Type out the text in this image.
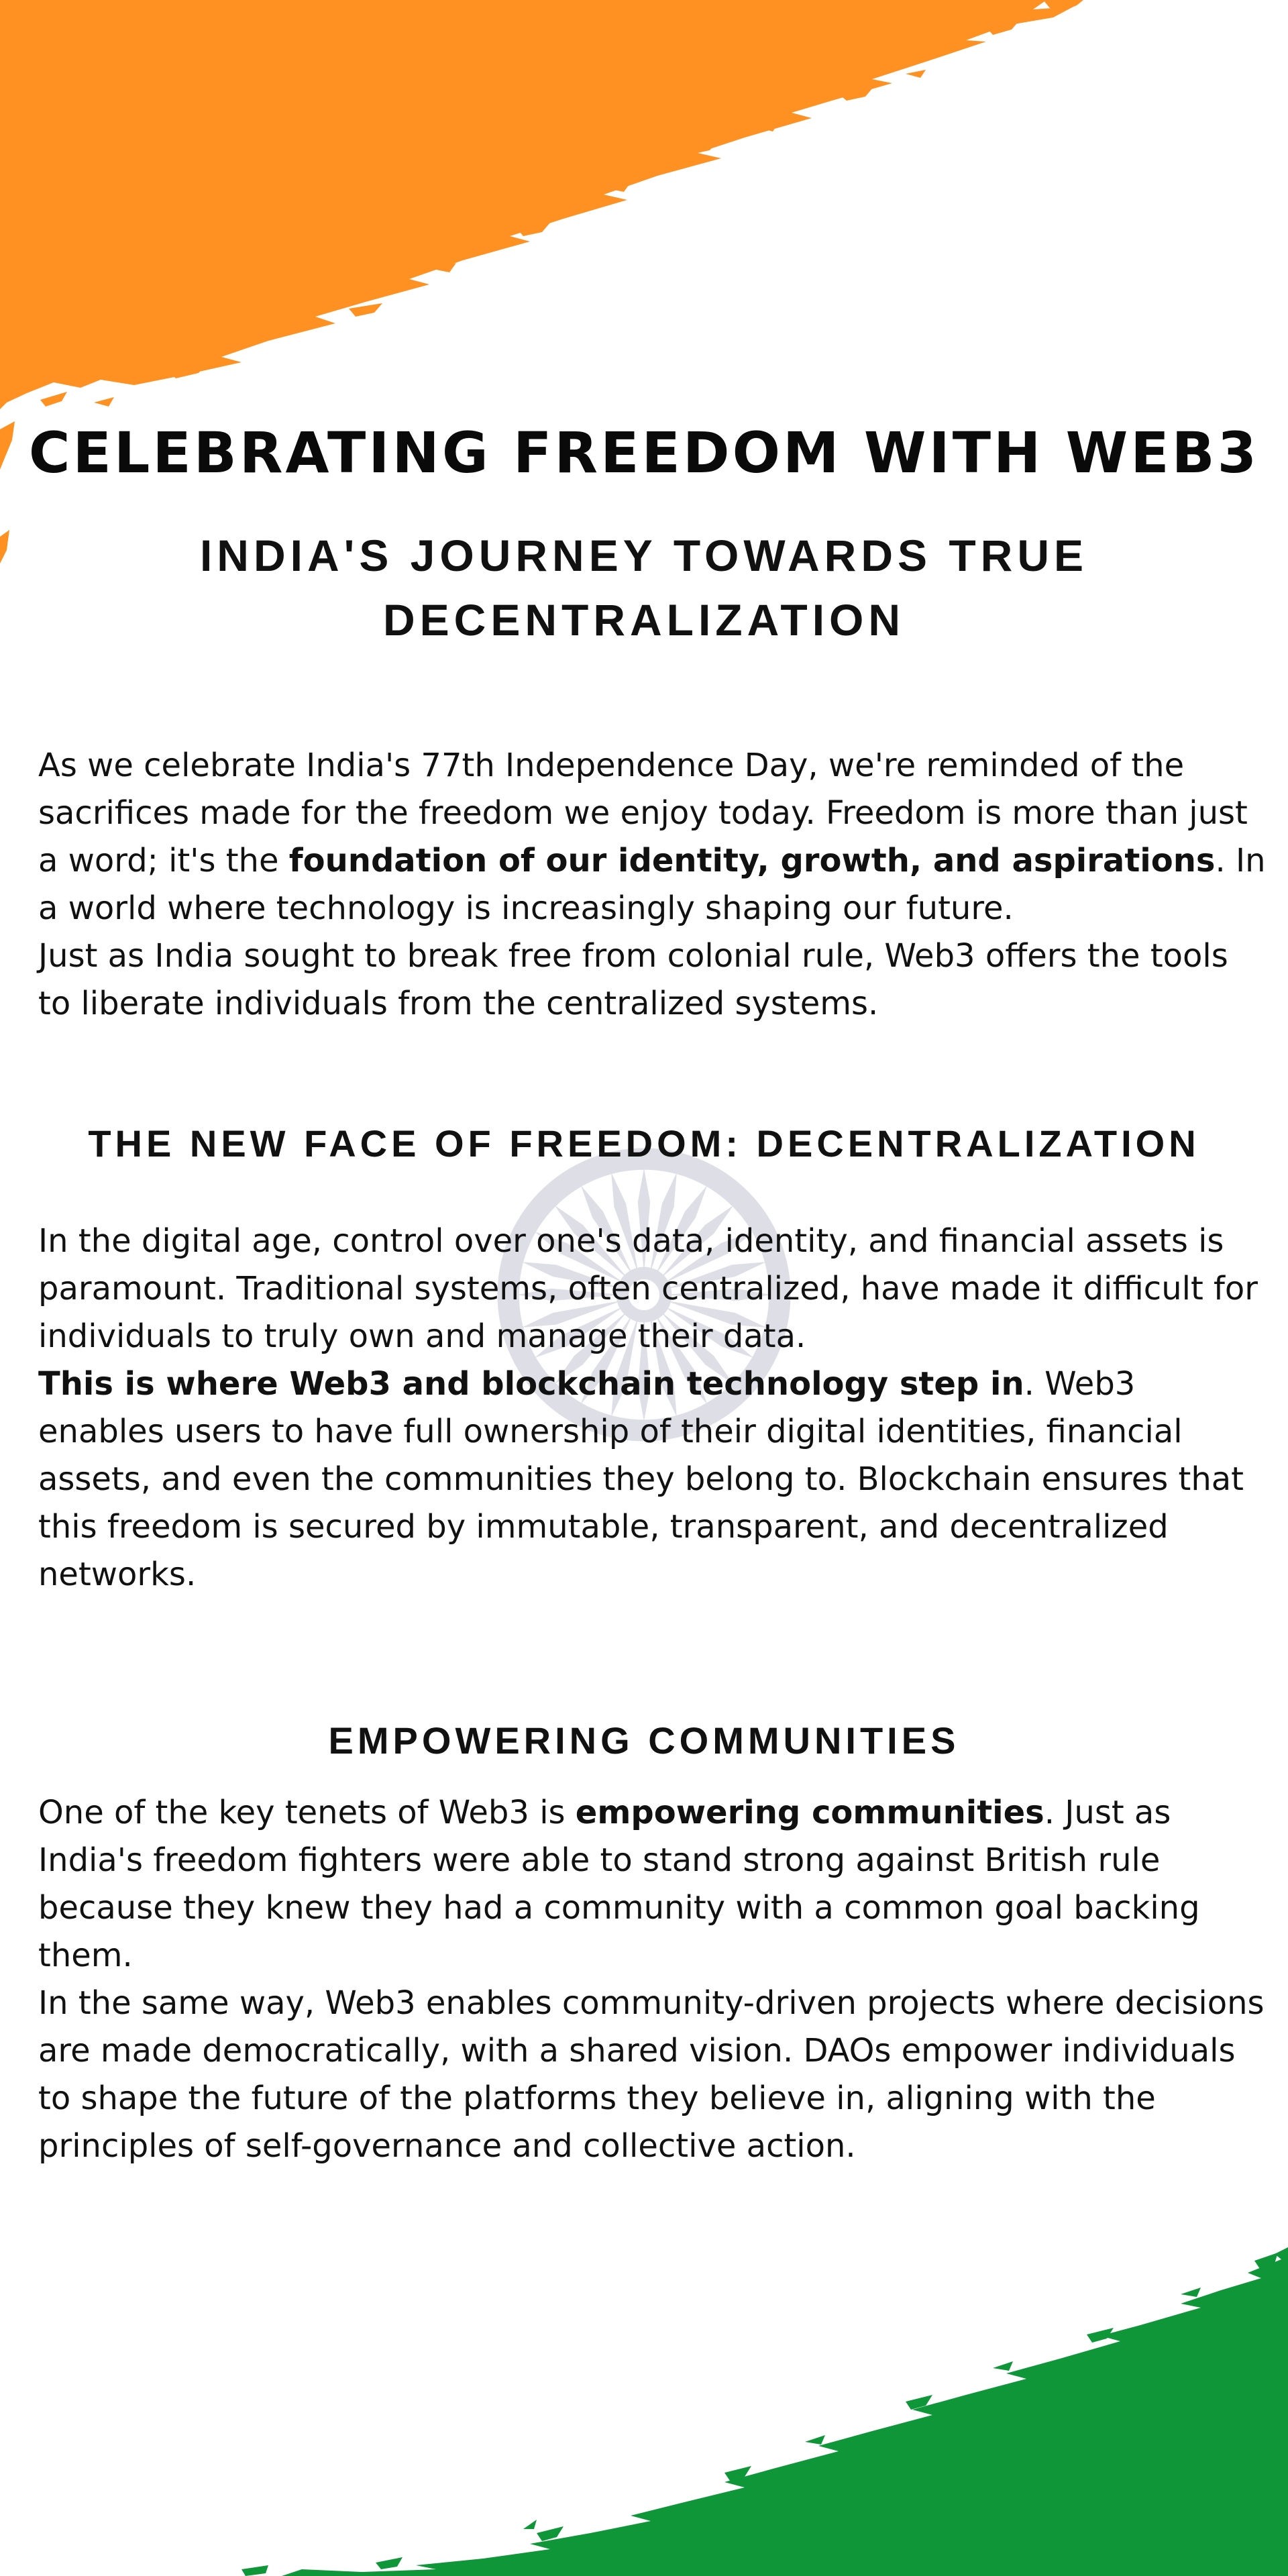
CELEBRATING FREEDOM WITH WEB3
INDIA'S JOURNEY TOWARDS TRUE DECENTRALIZATION

As we celebrate India's 77th Independence Day, we're reminded of the sacrifices made for the freedom we enjoy today. Freedom is more than just a word; it's the foundation of our identity, growth, and aspirations. In a world where technology is increasingly shaping our future.

Just as India sought to break free from colonial rule, Web3 offers the tools to liberate individuals from the centralized systems.

THE NEW FACE OF FREEDOM: DECENTRALIZATION

In the digital age, control over one's data, identity, and financial assets is paramount. Traditional systems, often centralized, have made it difficult for individuals to truly own and manage their data.

This is where Web3 and blockchain technology step in. Web3 enables users to have full ownership of their digital identities, financial assets, and even the communities they belong to. Blockchain ensures that this freedom is secured by immutable, transparent, and decentralized networks.

EMPOWERING COMMUNITIES

One of the key tenets of Web3 is empowering communities. Just as India's freedom fighters were able to stand strong against British rule because they knew they had a community with a common goal backing them.

In the same way, Web3 enables community-driven projects where decisions are made democratically, with a shared vision. DAOs empower individuals to shape the future of the platforms they believe in, aligning with the principles of self-governance and collective action.
